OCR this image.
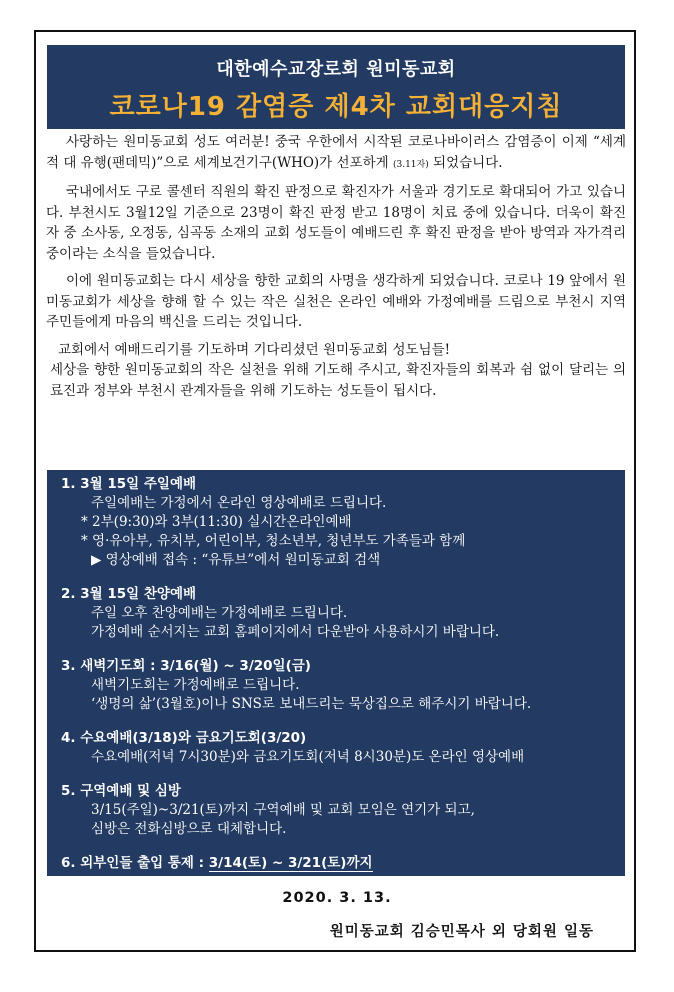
대한예수교장로회 원미동교회
코로나19 감염증 제4차 교회대응지침

사랑하는 원미동교회 성도 여러분! 중국 우한에서 시작된 코로나바이러스 감염증이 이제 “세계적 대 유행(팬데믹)”으로 세계보건기구(WHO)가 선포하게 (3.11자) 되었습니다.

국내에서도 구로 콜센터 직원의 확진 판정으로 확진자가 서울과 경기도로 확대되어 가고 있습니다. 부천시도 3월12일 기준으로 23명이 확진 판정 받고 18명이 치료 중에 있습니다. 더욱이 확진자 중 소사동, 오정동, 심곡동 소재의 교회 성도들이 예배드린 후 확진 판정을 받아 방역과 자가격리 중이라는 소식을 들었습니다.

이에 원미동교회는 다시 세상을 향한 교회의 사명을 생각하게 되었습니다. 코로나 19 앞에서 원미동교회가 세상을 향해 할 수 있는 작은 실천은 온라인 예배와 가정예배를 드림으로 부천시 지역 주민들에게 마음의 백신을 드리는 것입니다.

교회에서 예배드리기를 기도하며 기다리셨던 원미동교회 성도님들!
세상을 향한 원미동교회의 작은 실천을 위해 기도해 주시고, 확진자들의 회복과 쉼 없이 달리는 의료진과 정부와 부천시 관계자들을 위해 기도하는 성도들이 됩시다.

1. 3월 15일 주일예배
주일예배는 가정에서 온라인 영상예배로 드립니다.
* 2부(9:30)와 3부(11:30) 실시간온라인예배
* 영·유아부, 유치부, 어린이부, 청소년부, 청년부도 가족들과 함께
▶ 영상예배 접속 : “유튜브”에서 원미동교회 검색
2. 3월 15일 찬양예배
주일 오후 찬양예배는 가정예배로 드립니다.
가정예배 순서지는 교회 홈페이지에서 다운받아 사용하시기 바랍니다.
3. 새벽기도회 : 3/16(월) ~ 3/20일(금)
새벽기도회는 가정예배로 드립니다.
‘생명의 삶’(3월호)이나 SNS로 보내드리는 묵상집으로 해주시기 바랍니다.
4. 수요예배(3/18)와 금요기도회(3/20)
수요예배(저녁 7시30분)와 금요기도회(저녁 8시30분)도 온라인 영상예배
5. 구역예배 및 심방
3/15(주일)~3/21(토)까지 구역예배 및 교회 모임은 연기가 되고,
심방은 전화심방으로 대체합니다.
6. 외부인들 출입 통제 : 3/14(토) ~ 3/21(토)까지
2020. 3. 13.
원미동교회 김승민목사 외 당회원 일동
